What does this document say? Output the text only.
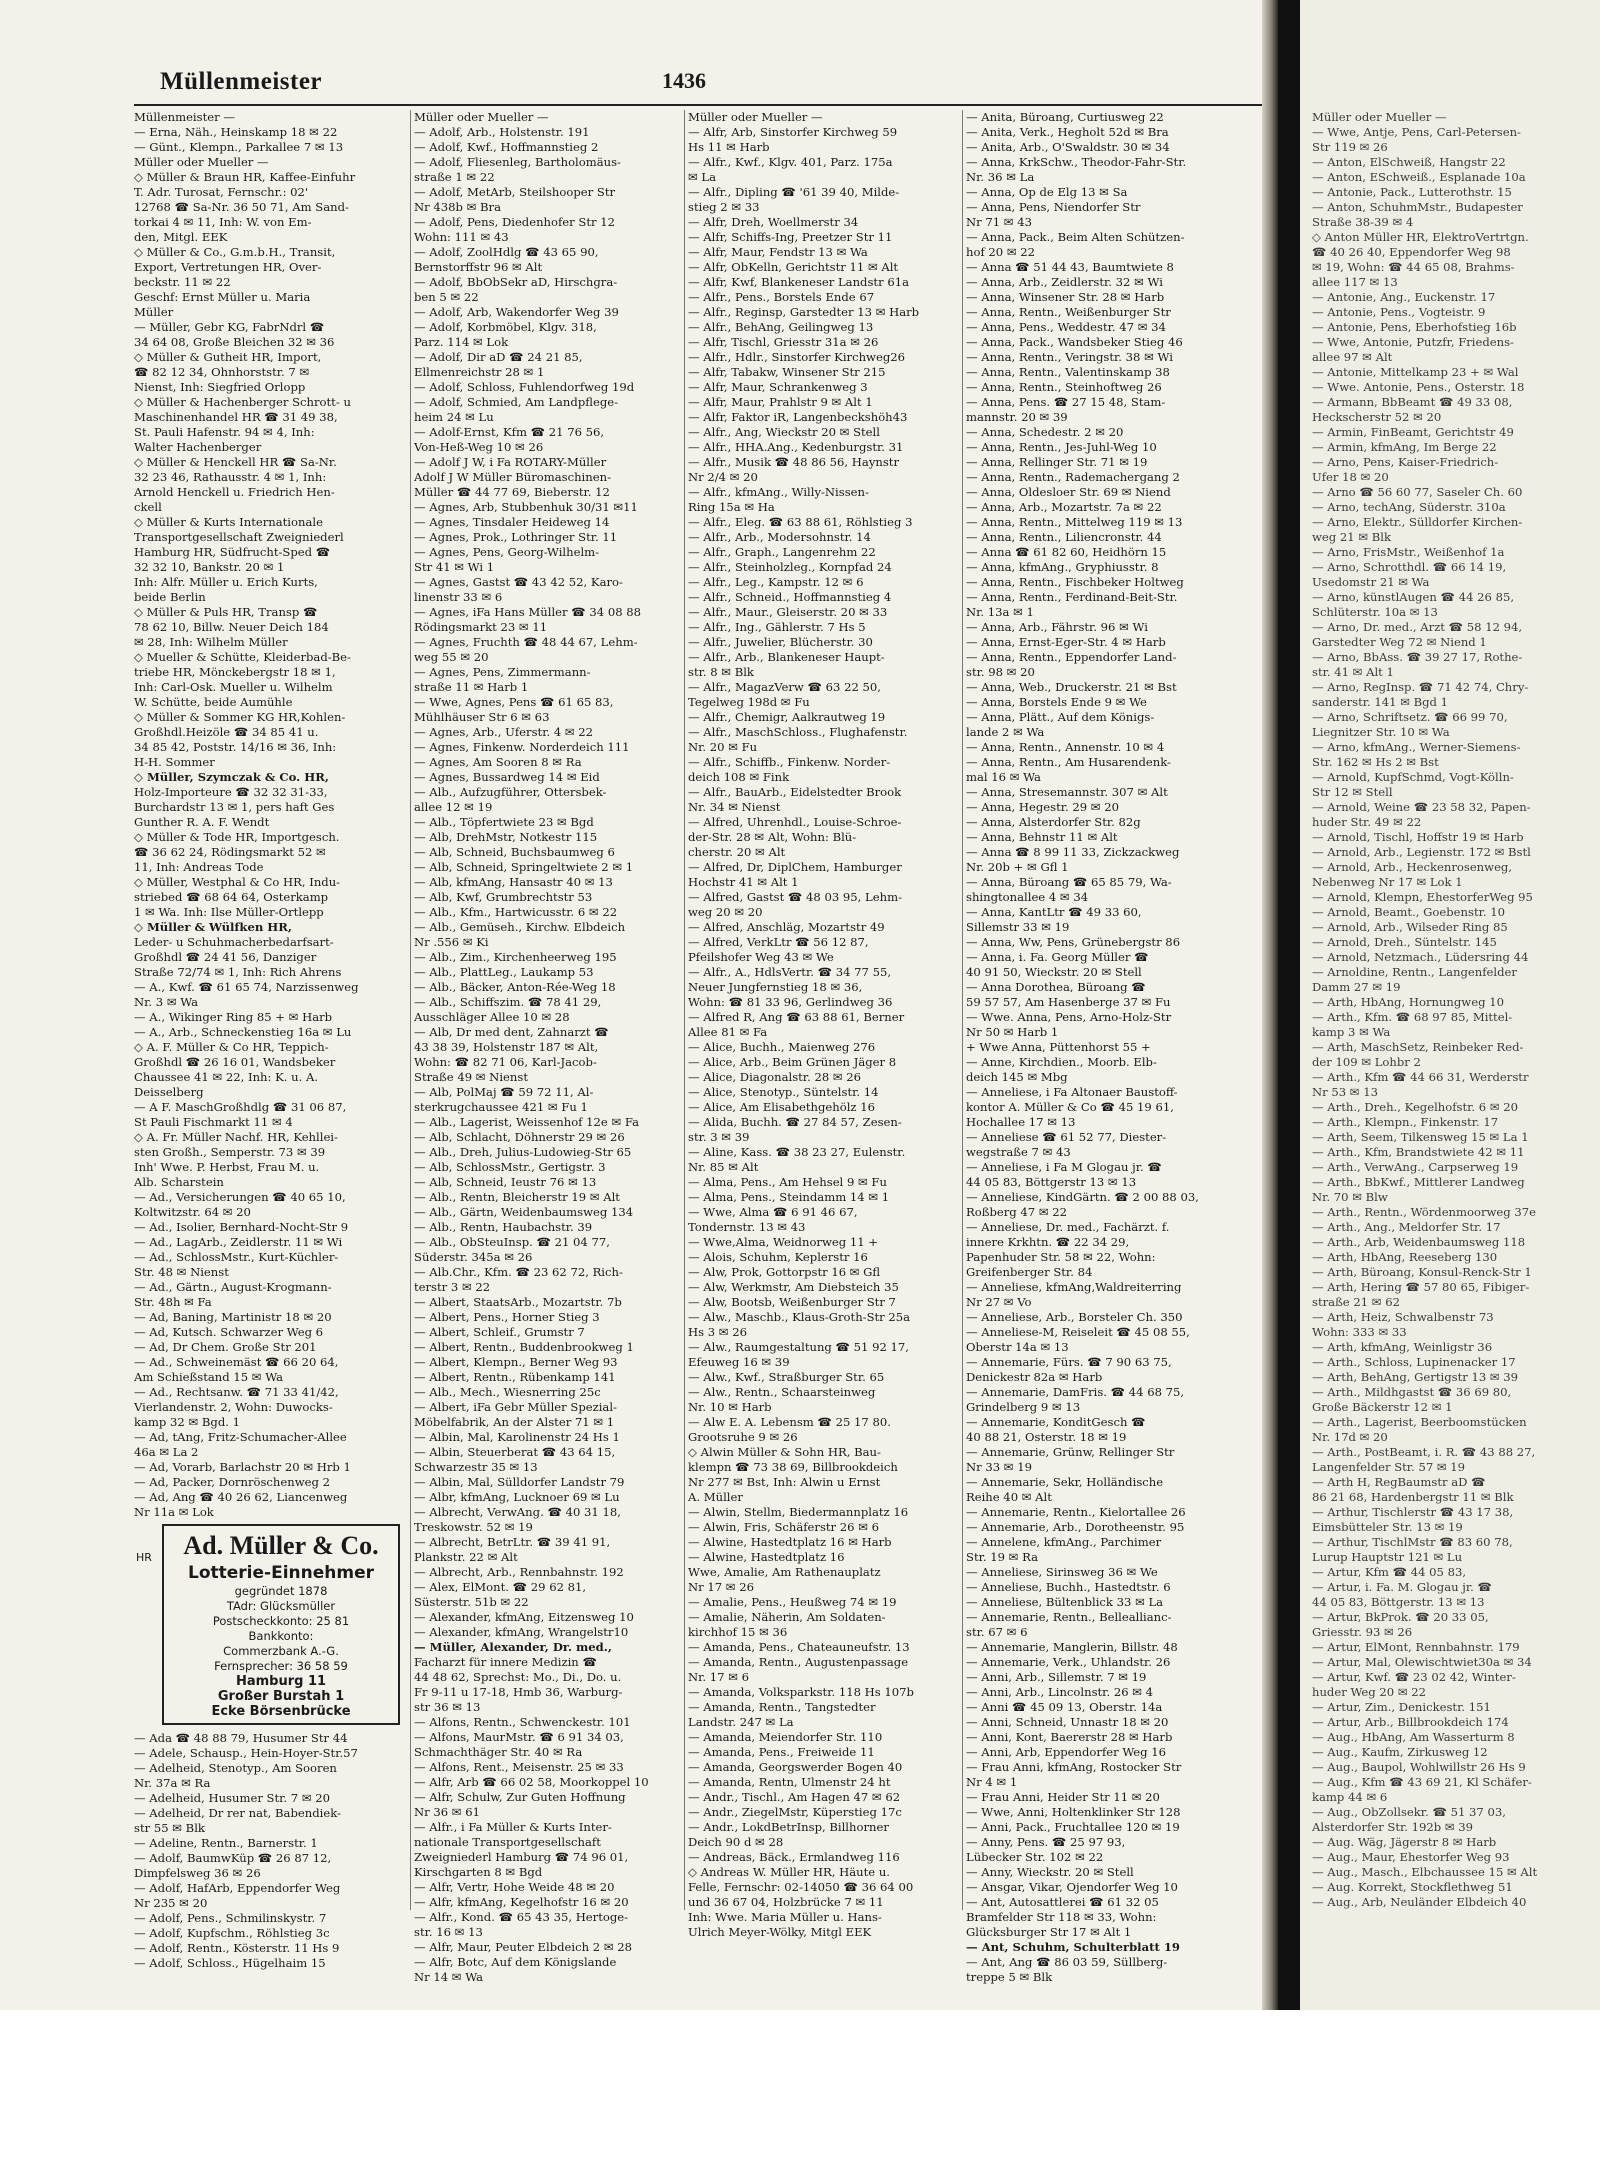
Müllenmeister	1436
Müllenmeister —
— Erna, Näh., Heinskamp 18 ✉ 22
— Günt., Klempn., Parkallee 7 ✉ 13
Müller oder Mueller —
◇ Müller & Braun HR, Kaffee-Einfuhr
T. Adr. Turosat, Fernschr.: 02'
12768 ☎ Sa-Nr. 36 50 71, Am Sand-
torkai 4 ✉ 11, Inh: W. von Em-
den, Mitgl. EEK
◇ Müller & Co., G.m.b.H., Transit,
Export, Vertretungen HR, Over-
beckstr. 11 ✉ 22
Geschf: Ernst Müller u. Maria
Müller
— Müller, Gebr KG, FabrNdrl ☎
34 64 08, Große Bleichen 32 ✉ 36
◇ Müller & Gutheit HR, Import,
☎ 82 12 34, Ohnhorststr. 7 ✉
Nienst, Inh: Siegfried Orlopp
◇ Müller & Hachenberger Schrott- u
Maschinenhandel HR ☎ 31 49 38,
St. Pauli Hafenstr. 94 ✉ 4, Inh:
Walter Hachenberger
◇ Müller & Henckell HR ☎ Sa-Nr.
32 23 46, Rathausstr. 4 ✉ 1, Inh:
Arnold Henckell u. Friedrich Hen-
ckell
◇ Müller & Kurts Internationale
Transportgesellschaft Zweigniederl
Hamburg HR, Südfrucht-Sped ☎
32 32 10, Bankstr. 20 ✉ 1
Inh: Alfr. Müller u. Erich Kurts,
beide Berlin
◇ Müller & Puls HR, Transp ☎
78 62 10, Billw. Neuer Deich 184
✉ 28, Inh: Wilhelm Müller
◇ Mueller & Schütte, Kleiderbad-Be-
triebe HR, Mönckebergstr 18 ✉ 1,
Inh: Carl-Osk. Mueller u. Wilhelm
W. Schütte, beide Aumühle
◇ Müller & Sommer KG HR,Kohlen-
Großhdl.Heizöle ☎ 34 85 41 u.
34 85 42, Poststr. 14/16 ✉ 36, Inh:
H-H. Sommer
◇ Müller, Szymczak & Co. HR,
Holz-Importeure ☎ 32 32 31-33,
Burchardstr 13 ✉ 1, pers haft Ges
Gunther R. A. F. Wendt
◇ Müller & Tode HR, Importgesch.
☎ 36 62 24, Rödingsmarkt 52 ✉
11, Inh: Andreas Tode
◇ Müller, Westphal & Co HR, Indu-
striebed ☎ 68 64 64, Osterkamp
1 ✉ Wa. Inh: Ilse Müller-Ortlepp
◇ Müller & Wülfken HR,
Leder- u Schuhmacherbedarfsart-
Großhdl ☎ 24 41 56, Danziger
Straße 72/74 ✉ 1, Inh: Rich Ahrens
— A., Kwf. ☎ 61 65 74, Narzissenweg
Nr. 3 ✉ Wa
— A., Wikinger Ring 85 + ✉ Harb
— A., Arb., Schneckenstieg 16a ✉ Lu
◇ A. F. Müller & Co HR, Teppich-
Großhdl ☎ 26 16 01, Wandsbeker
Chaussee 41 ✉ 22, Inh: K. u. A.
Deisselberg
— A F. MaschGroßhdlg ☎ 31 06 87,
St Pauli Fischmarkt 11 ✉ 4
◇ A. Fr. Müller Nachf. HR, Kehllei-
sten Großh., Semperstr. 73 ✉ 39
Inh' Wwe. P. Herbst, Frau M. u.
Alb. Scharstein
— Ad., Versicherungen ☎ 40 65 10,
Koltwitzstr. 64 ✉ 20
— Ad., Isolier, Bernhard-Nocht-Str 9
— Ad., LagArb., Zeidlerstr. 11 ✉ Wi
— Ad., SchlossMstr., Kurt-Küchler-
Str. 48 ✉ Nienst
— Ad., Gärtn., August-Krogmann-
Str. 48h ✉ Fa
— Ad, Baning, Martinistr 18 ✉ 20
— Ad, Kutsch. Schwarzer Weg 6
— Ad, Dr Chem. Große Str 201
— Ad., Schweinemäst ☎ 66 20 64,
Am Schießstand 15 ✉ Wa
— Ad., Rechtsanw. ☎ 71 33 41/42,
Vierlandenstr. 2, Wohn: Duwocks-
kamp 32 ✉ Bgd. 1
— Ad, tAng, Fritz-Schumacher-Allee
46a ✉ La 2
— Ad, Vorarb, Barlachstr 20 ✉ Hrb 1
— Ad, Packer, Dornröschenweg 2
— Ad, Ang ☎ 40 26 62, Liancenweg
Nr 11a ✉ Lok
HR	Ad. Müller & Co.
Lotterie-Einnehmer
gegründet 1878
TAdr: Glücksmüller
Postscheckkonto: 25 81
Bankkonto:
Commerzbank A.-G.
Fernsprecher: 36 58 59
Hamburg 11
Großer Burstah 1
Ecke Börsenbrücke
— Ada ☎ 48 88 79, Husumer Str 44
— Adele, Schausp., Hein-Hoyer-Str.57
— Adelheid, Stenotyp., Am Sooren
Nr. 37a ✉ Ra
— Adelheid, Husumer Str. 7 ✉ 20
— Adelheid, Dr rer nat, Babendiek-
str 55 ✉ Blk
— Adeline, Rentn., Barnerstr. 1
— Adolf, BaumwKüp ☎ 26 87 12,
Dimpfelsweg 36 ✉ 26
— Adolf, HafArb, Eppendorfer Weg
Nr 235 ✉ 20
— Adolf, Pens., Schmilinskystr. 7
— Adolf, Kupfschm., Röhlstieg 3c
— Adolf, Rentn., Kösterstr. 11 Hs 9
— Adolf, Schloss., Hügelhaim 15
Müller oder Mueller —
— Adolf, Arb., Holstenstr. 191
— Adolf, Kwf., Hoffmannstieg 2
— Adolf, Fliesenleg, Bartholomäus-
straße 1 ✉ 22
— Adolf, MetArb, Steilshooper Str
Nr 438b ✉ Bra
— Adolf, Pens, Diedenhofer Str 12
Wohn: 111 ✉ 43
— Adolf, ZoolHdlg ☎ 43 65 90,
Bernstorffstr 96 ✉ Alt
— Adolf, BbObSekr aD, Hirschgra-
ben 5 ✉ 22
— Adolf, Arb, Wakendorfer Weg 39
— Adolf, Korbmöbel, Klgv. 318,
Parz. 114 ✉ Lok
— Adolf, Dir aD ☎ 24 21 85,
Ellmenreichstr 28 ✉ 1
— Adolf, Schloss, Fuhlendorfweg 19d
— Adolf, Schmied, Am Landpflege-
heim 24 ✉ Lu
— Adolf-Ernst, Kfm ☎ 21 76 56,
Von-Heß-Weg 10 ✉ 26
— Adolf J W, i Fa ROTARY-Müller
Adolf J W Müller Büromaschinen-
Müller ☎ 44 77 69, Bieberstr. 12
— Agnes, Arb, Stubbenhuk 30/31 ✉11
— Agnes, Tinsdaler Heideweg 14
— Agnes, Prok., Lothringer Str. 11
— Agnes, Pens, Georg-Wilhelm-
Str 41 ✉ Wi 1
— Agnes, Gastst ☎ 43 42 52, Karo-
linenstr 33 ✉ 6
— Agnes, iFa Hans Müller ☎ 34 08 88
Rödingsmarkt 23 ✉ 11
— Agnes, Fruchth ☎ 48 44 67, Lehm-
weg 55 ✉ 20
— Agnes, Pens, Zimmermann-
straße 11 ✉ Harb 1
— Wwe, Agnes, Pens ☎ 61 65 83,
Mühlhäuser Str 6 ✉ 63
— Agnes, Arb., Uferstr. 4 ✉ 22
— Agnes, Finkenw. Norderdeich 111
— Agnes, Am Sooren 8 ✉ Ra
— Agnes, Bussardweg 14 ✉ Eid
— Alb., Aufzugführer, Ottersbek-
allee 12 ✉ 19
— Alb., Töpfertwiete 23 ✉ Bgd
— Alb, DrehMstr, Notkestr 115
— Alb, Schneid, Buchsbaumweg 6
— Alb, Schneid, Springeltwiete 2 ✉ 1
— Alb, kfmAng, Hansastr 40 ✉ 13
— Alb, Kwf, Grumbrechtstr 53
— Alb., Kfm., Hartwicusstr. 6 ✉ 22
— Alb., Gemüseh., Kirchw. Elbdeich
Nr .556 ✉ Ki
— Alb., Zim., Kirchenheerweg 195
— Alb., PlattLeg., Laukamp 53
— Alb., Bäcker, Anton-Rée-Weg 18
— Alb., Schiffszim. ☎ 78 41 29,
Ausschläger Allee 10 ✉ 28
— Alb, Dr med dent, Zahnarzt ☎
43 38 39, Holstenstr 187 ✉ Alt,
Wohn: ☎ 82 71 06, Karl-Jacob-
Straße 49 ✉ Nienst
— Alb, PolMaj ☎ 59 72 11, Al-
sterkrugchaussee 421 ✉ Fu 1
— Alb., Lagerist, Weissenhof 12e ✉ Fa
— Alb, Schlacht, Döhnerstr 29 ✉ 26
— Alb., Dreh, Julius-Ludowieg-Str 65
— Alb, SchlossMstr., Gertigstr. 3
— Alb, Schneid, Ieustr 76 ✉ 13
— Alb., Rentn, Bleicherstr 19 ✉ Alt
— Alb., Gärtn, Weidenbaumsweg 134
— Alb., Rentn, Haubachstr. 39
— Alb., ObSteuInsp. ☎ 21 04 77,
Süderstr. 345a ✉ 26
— Alb.Chr., Kfm. ☎ 23 62 72, Rich-
terstr 3 ✉ 22
— Albert, StaatsArb., Mozartstr. 7b
— Albert, Pens., Horner Stieg 3
— Albert, Schleif., Grumstr 7
— Albert, Rentn., Buddenbrookweg 1
— Albert, Klempn., Berner Weg 93
— Albert, Rentn., Rübenkamp 141
— Alb., Mech., Wiesnerring 25c
— Albert, iFa Gebr Müller Spezial-
Möbelfabrik, An der Alster 71 ✉ 1
— Albin, Mal, Karolinenstr 24 Hs 1
— Albin, Steuerberat ☎ 43 64 15,
Schwarzestr 35 ✉ 13
— Albin, Mal, Sülldorfer Landstr 79
— Albr, kfmAng, Lucknoer 69 ✉ Lu
— Albrecht, VerwAng. ☎ 40 31 18,
Treskowstr. 52 ✉ 19
— Albrecht, BetrLtr. ☎ 39 41 91,
Plankstr. 22 ✉ Alt
— Albrecht, Arb., Rennbahnstr. 192
— Alex, ElMont. ☎ 29 62 81,
Süsterstr. 51b ✉ 22
— Alexander, kfmAng, Eitzensweg 10
— Alexander, kfmAng, Wrangelstr10
— Müller, Alexander, Dr. med.,
Facharzt für innere Medizin ☎
44 48 62, Sprechst: Mo., Di., Do. u.
Fr 9-11 u 17-18, Hmb 36, Warburg-
str 36 ✉ 13
— Alfons, Rentn., Schwenckestr. 101
— Alfons, MaurMstr. ☎ 6 91 34 03,
Schmachthäger Str. 40 ✉ Ra
— Alfons, Rent., Meisenstr. 25 ✉ 33
— Alfr, Arb ☎ 66 02 58, Moorkoppel 10
— Alfr, Schulw, Zur Guten Hoffnung
Nr 36 ✉ 61
— Alfr., i Fa Müller & Kurts Inter-
nationale Transportgesellschaft
Zweigniederl Hamburg ☎ 74 96 01,
Kirschgarten 8 ✉ Bgd
— Alfr, Vertr, Hohe Weide 48 ✉ 20
— Alfr, kfmAng, Kegelhofstr 16 ✉ 20
— Alfr., Kond. ☎ 65 43 35, Hertoge-
str. 16 ✉ 13
— Alfr, Maur, Peuter Elbdeich 2 ✉ 28
— Alfr, Botc, Auf dem Königslande
Nr 14 ✉ Wa
Müller oder Mueller —
— Alfr, Arb, Sinstorfer Kirchweg 59
Hs 11 ✉ Harb
— Alfr., Kwf., Klgv. 401, Parz. 175a
✉ La
— Alfr., Dipling ☎ '61 39 40, Milde-
stieg 2 ✉ 33
— Alfr, Dreh, Woellmerstr 34
— Alfr, Schiffs-Ing, Preetzer Str 11
— Alfr, Maur, Fendstr 13 ✉ Wa
— Alfr, ObKelln, Gerichtstr 11 ✉ Alt
— Alfr, Kwf, Blankeneser Landstr 61a
— Alfr., Pens., Borstels Ende 67
— Alfr., Reginsp, Garstedter 13 ✉ Harb
— Alfr., BehAng, Geilingweg 13
— Alfr, Tischl, Griesstr 31a ✉ 26
— Alfr., Hdlr., Sinstorfer Kirchweg26
— Alfr, Tabakw, Winsener Str 215
— Alfr, Maur, Schrankenweg 3
— Alfr, Maur, Prahlstr 9 ✉ Alt 1
— Alfr, Faktor iR, Langenbeckshöh43
— Alfr., Ang, Wieckstr 20 ✉ Stell
— Alfr., HHA.Ang., Kedenburgstr. 31
— Alfr., Musik ☎ 48 86 56, Haynstr
Nr 2/4 ✉ 20
— Alfr., kfmAng., Willy-Nissen-
Ring 15a ✉ Ha
— Alfr., Eleg. ☎ 63 88 61, Röhlstieg 3
— Alfr., Arb., Modersohnstr. 14
— Alfr., Graph., Langenrehm 22
— Alfr., Steinholzleg., Kornpfad 24
— Alfr., Leg., Kampstr. 12 ✉ 6
— Alfr., Schneid., Hoffmannstieg 4
— Alfr., Maur., Gleiserstr. 20 ✉ 33
— Alfr., Ing., Gählerstr. 7 Hs 5
— Alfr., Juwelier, Blücherstr. 30
— Alfr., Arb., Blankeneser Haupt-
str. 8 ✉ Blk
— Alfr., MagazVerw ☎ 63 22 50,
Tegelweg 198d ✉ Fu
— Alfr., Chemigr, Aalkrautweg 19
— Alfr., MaschSchloss., Flughafenstr.
Nr. 20 ✉ Fu
— Alfr., Schiffb., Finkenw. Norder-
deich 108 ✉ Fink
— Alfr., BauArb., Eidelstedter Brook
Nr. 34 ✉ Nienst
— Alfred, Uhrenhdl., Louise-Schroe-
der-Str. 28 ✉ Alt, Wohn: Blü-
cherstr. 20 ✉ Alt
— Alfred, Dr, DiplChem, Hamburger
Hochstr 41 ✉ Alt 1
— Alfred, Gastst ☎ 48 03 95, Lehm-
weg 20 ✉ 20
— Alfred, Anschläg, Mozartstr 49
— Alfred, VerkLtr ☎ 56 12 87,
Pfeilshofer Weg 43 ✉ We
— Alfr., A., HdlsVertr. ☎ 34 77 55,
Neuer Jungfernstieg 18 ✉ 36,
Wohn: ☎ 81 33 96, Gerlindweg 36
— Alfred R, Ang ☎ 63 88 61, Berner
Allee 81 ✉ Fa
— Alice, Buchh., Maienweg 276
— Alice, Arb., Beim Grünen Jäger 8
— Alice, Diagonalstr. 28 ✉ 26
— Alice, Stenotyp., Süntelstr. 14
— Alice, Am Elisabethgehölz 16
— Alida, Buchh. ☎ 27 84 57, Zesen-
str. 3 ✉ 39
— Aline, Kass. ☎ 38 23 27, Eulenstr.
Nr. 85 ✉ Alt
— Alma, Pens., Am Hehsel 9 ✉ Fu
— Alma, Pens., Steindamm 14 ✉ 1
— Wwe, Alma ☎ 6 91 46 67,
Tondernstr. 13 ✉ 43
— Wwe,Alma, Weidnorweg 11 +
— Alois, Schuhm, Keplerstr 16
— Alw, Prok, Gottorpstr 16 ✉ Gfl
— Alw, Werkmstr, Am Diebsteich 35
— Alw, Bootsb, Weißenburger Str 7
— Alw., Maschb., Klaus-Groth-Str 25a
Hs 3 ✉ 26
— Alw., Raumgestaltung ☎ 51 92 17,
Efeuweg 16 ✉ 39
— Alw., Kwf., Straßburger Str. 65
— Alw., Rentn., Schaarsteinweg
Nr. 10 ✉ Harb
— Alw E. A. Lebensm ☎ 25 17 80.
Grootsruhe 9 ✉ 26
◇ Alwin Müller & Sohn HR, Bau-
klempn ☎ 73 38 69, Billbrookdeich
Nr 277 ✉ Bst, Inh: Alwin u Ernst
A. Müller
— Alwin, Stellm, Biedermannplatz 16
— Alwin, Fris, Schäferstr 26 ✉ 6
— Alwine, Hastedtplatz 16 ✉ Harb
— Alwine, Hastedtplatz 16
Wwe, Amalie, Am Rathenauplatz
Nr 17 ✉ 26
— Amalie, Pens., Heußweg 74 ✉ 19
— Amalie, Näherin, Am Soldaten-
kirchhof 15 ✉ 36
— Amanda, Pens., Chateauneufstr. 13
— Amanda, Rentn., Augustenpassage
Nr. 17 ✉ 6
— Amanda, Volksparkstr. 118 Hs 107b
— Amanda, Rentn., Tangstedter
Landstr. 247 ✉ La
— Amanda, Meiendorfer Str. 110
— Amanda, Pens., Freiweide 11
— Amanda, Georgswerder Bogen 40
— Amanda, Rentn, Ulmenstr 24 ht
— Andr., Tischl., Am Hagen 47 ✉ 62
— Andr., ZiegelMstr, Küperstieg 17c
— Andr., LokdBetrInsp, Billhorner
Deich 90 d ✉ 28
— Andreas, Bäck., Ermlandweg 116
◇ Andreas W. Müller HR, Häute u.
Felle, Fernschr: 02-14050 ☎ 36 64 00
und 36 67 04, Holzbrücke 7 ✉ 11
Inh: Wwe. Maria Müller u. Hans-
Ulrich Meyer-Wölky, Mitgl EEK
— Anita, Büroang, Curtiusweg 22
— Anita, Verk., Hegholt 52d ✉ Bra
— Anita, Arb., O'Swaldstr. 30 ✉ 34
— Anna, KrkSchw., Theodor-Fahr-Str.
Nr. 36 ✉ La
— Anna, Op de Elg 13 ✉ Sa
— Anna, Pens, Niendorfer Str
Nr 71 ✉ 43
— Anna, Pack., Beim Alten Schützen-
hof 20 ✉ 22
— Anna ☎ 51 44 43, Baumtwiete 8
— Anna, Arb., Zeidlerstr. 32 ✉ Wi
— Anna, Winsener Str. 28 ✉ Harb
— Anna, Rentn., Weißenburger Str
— Anna, Pens., Weddestr. 47 ✉ 34
— Anna, Pack., Wandsbeker Stieg 46
— Anna, Rentn., Veringstr. 38 ✉ Wi
— Anna, Rentn., Valentinskamp 38
— Anna, Rentn., Steinhoftweg 26
— Anna, Pens. ☎ 27 15 48, Stam-
mannstr. 20 ✉ 39
— Anna, Schedestr. 2 ✉ 20
— Anna, Rentn., Jes-Juhl-Weg 10
— Anna, Rellinger Str. 71 ✉ 19
— Anna, Rentn., Rademachergang 2
— Anna, Oldesloer Str. 69 ✉ Niend
— Anna, Arb., Mozartstr. 7a ✉ 22
— Anna, Rentn., Mittelweg 119 ✉ 13
— Anna, Rentn., Liliencronstr. 44
— Anna ☎ 61 82 60, Heidhörn 15
— Anna, kfmAng., Gryphiusstr. 8
— Anna, Rentn., Fischbeker Holtweg
— Anna, Rentn., Ferdinand-Beit-Str.
Nr. 13a ✉ 1
— Anna, Arb., Fährstr. 96 ✉ Wi
— Anna, Ernst-Eger-Str. 4 ✉ Harb
— Anna, Rentn., Eppendorfer Land-
str. 98 ✉ 20
— Anna, Web., Druckerstr. 21 ✉ Bst
— Anna, Borstels Ende 9 ✉ We
— Anna, Plätt., Auf dem Königs-
lande 2 ✉ Wa
— Anna, Rentn., Annenstr. 10 ✉ 4
— Anna, Rentn., Am Husarendenk-
mal 16 ✉ Wa
— Anna, Stresemannstr. 307 ✉ Alt
— Anna, Hegestr. 29 ✉ 20
— Anna, Alsterdorfer Str. 82g
— Anna, Behnstr 11 ✉ Alt
— Anna ☎ 8 99 11 33, Zickzackweg
Nr. 20b + ✉ Gfl 1
— Anna, Büroang ☎ 65 85 79, Wa-
shingtonallee 4 ✉ 34
— Anna, KantLtr ☎ 49 33 60,
Sillemstr 33 ✉ 19
— Anna, Ww, Pens, Grünebergstr 86
— Anna, i. Fa. Georg Müller ☎
40 91 50, Wieckstr. 20 ✉ Stell
— Anna Dorothea, Büroang ☎
59 57 57, Am Hasenberge 37 ✉ Fu
— Wwe. Anna, Pens, Arno-Holz-Str
Nr 50 ✉ Harb 1
+ Wwe Anna, Püttenhorst 55 +
— Anne, Kirchdien., Moorb. Elb-
deich 145 ✉ Mbg
— Anneliese, i Fa Altonaer Baustoff-
kontor A. Müller & Co ☎ 45 19 61,
Hochallee 17 ✉ 13
— Anneliese ☎ 61 52 77, Diester-
wegstraße 7 ✉ 43
— Anneliese, i Fa M Glogau jr. ☎
44 05 83, Böttgerstr 13 ✉ 13
— Anneliese, KindGärtn. ☎ 2 00 88 03,
Roßberg 47 ✉ 22
— Anneliese, Dr. med., Fachärzt. f.
innere Krkhtn. ☎ 22 34 29,
Papenhuder Str. 58 ✉ 22, Wohn:
Greifenberger Str. 84
— Anneliese, kfmAng,Waldreiterring
Nr 27 ✉ Vo
— Anneliese, Arb., Borsteler Ch. 350
— Anneliese-M, Reiseleit ☎ 45 08 55,
Oberstr 14a ✉ 13
— Annemarie, Fürs. ☎ 7 90 63 75,
Denickestr 82a ✉ Harb
— Annemarie, DamFris. ☎ 44 68 75,
Grindelberg 9 ✉ 13
— Annemarie, KonditGesch ☎
40 88 21, Osterstr. 18 ✉ 19
— Annemarie, Grünw, Rellinger Str
Nr 33 ✉ 19
— Annemarie, Sekr, Holländische
Reihe 40 ✉ Alt
— Annemarie, Rentn., Kielortallee 26
— Annemarie, Arb., Dorotheenstr. 95
— Annelene, kfmAng., Parchimer
Str. 19 ✉ Ra
— Anneliese, Sirinsweg 36 ✉ We
— Anneliese, Buchh., Hastedtstr. 6
— Anneliese, Bültenblick 33 ✉ La
— Annemarie, Rentn., Belleallianc-
str. 67 ✉ 6
— Annemarie, Manglerin, Billstr. 48
— Annemarie, Verk., Uhlandstr. 26
— Anni, Arb., Sillemstr. 7 ✉ 19
— Anni, Arb., Lincolnstr. 26 ✉ 4
— Anni ☎ 45 09 13, Oberstr. 14a
— Anni, Schneid, Unnastr 18 ✉ 20
— Anni, Kont, Baererstr 28 ✉ Harb
— Anni, Arb, Eppendorfer Weg 16
— Frau Anni, kfmAng, Rostocker Str
Nr 4 ✉ 1
— Frau Anni, Heider Str 11 ✉ 20
— Wwe, Anni, Holtenklinker Str 128
— Anni, Pack., Fruchtallee 120 ✉ 19
— Anny, Pens. ☎ 25 97 93,
Lübecker Str. 102 ✉ 22
— Anny, Wieckstr. 20 ✉ Stell
— Ansgar, Vikar, Ojendorfer Weg 10
— Ant, Autosattlerei ☎ 61 32 05
Bramfelder Str 118 ✉ 33, Wohn:
Glücksburger Str 17 ✉ Alt 1
— Ant, Schuhm, Schulterblatt 19
— Ant, Ang ☎ 86 03 59, Süllberg-
treppe 5 ✉ Blk
Müller oder Mueller —
— Wwe, Antje, Pens, Carl-Petersen-
Str 119 ✉ 26
— Anton, ElSchweiß, Hangstr 22
— Anton, ESchweiß., Esplanade 10a
— Antonie, Pack., Lutterothstr. 15
— Anton, SchuhmMstr., Budapester
Straße 38-39 ✉ 4
◇ Anton Müller HR, ElektroVertrtgn.
☎ 40 26 40, Eppendorfer Weg 98
✉ 19, Wohn: ☎ 44 65 08, Brahms-
allee 117 ✉ 13
— Antonie, Ang., Euckenstr. 17
— Antonie, Pens., Vogteistr. 9
— Antonie, Pens, Eberhofstieg 16b
— Wwe, Antonie, Putzfr, Friedens-
allee 97 ✉ Alt
— Antonie, Mittelkamp 23 + ✉ Wal
— Wwe. Antonie, Pens., Osterstr. 18
— Armann, BbBeamt ☎ 49 33 08,
Heckscherstr 52 ✉ 20
— Armin, FinBeamt, Gerichtstr 49
— Armin, kfmAng, Im Berge 22
— Arno, Pens, Kaiser-Friedrich-
Ufer 18 ✉ 20
— Arno ☎ 56 60 77, Saseler Ch. 60
— Arno, techAng, Süderstr. 310a
— Arno, Elektr., Sülldorfer Kirchen-
weg 21 ✉ Blk
— Arno, FrisMstr., Weißenhof 1a
— Arno, Schrotthdl. ☎ 66 14 19,
Usedomstr 21 ✉ Wa
— Arno, künstlAugen ☎ 44 26 85,
Schlüterstr. 10a ✉ 13
— Arno, Dr. med., Arzt ☎ 58 12 94,
Garstedter Weg 72 ✉ Niend 1
— Arno, BbAss. ☎ 39 27 17, Rothe-
str. 41 ✉ Alt 1
— Arno, RegInsp. ☎ 71 42 74, Chry-
sanderstr. 141 ✉ Bgd 1
— Arno, Schriftsetz. ☎ 66 99 70,
Liegnitzer Str. 10 ✉ Wa
— Arno, kfmAng., Werner-Siemens-
Str. 162 ✉ Hs 2 ✉ Bst
— Arnold, KupfSchmd, Vogt-Kölln-
Str 12 ✉ Stell
— Arnold, Weine ☎ 23 58 32, Papen-
huder Str. 49 ✉ 22
— Arnold, Tischl, Hoffstr 19 ✉ Harb
— Arnold, Arb., Legienstr. 172 ✉ Bstl
— Arnold, Arb., Heckenrosenweg,
Nebenweg Nr 17 ✉ Lok 1
— Arnold, Klempn, EhestorferWeg 95
— Arnold, Beamt., Goebenstr. 10
— Arnold, Arb., Wilseder Ring 85
— Arnold, Dreh., Süntelstr. 145
— Arnold, Netzmach., Lüdersring 44
— Arnoldine, Rentn., Langenfelder
Damm 27 ✉ 19
— Arth, HbAng, Hornungweg 10
— Arth., Kfm. ☎ 68 97 85, Mittel-
kamp 3 ✉ Wa
— Arth, MaschSetz, Reinbeker Red-
der 109 ✉ Lohbr 2
— Arth., Kfm ☎ 44 66 31, Werderstr
Nr 53 ✉ 13
— Arth., Dreh., Kegelhofstr. 6 ✉ 20
— Arth., Klempn., Finkenstr. 17
— Arth, Seem, Tilkensweg 15 ✉ La 1
— Arth., Kfm, Brandstwiete 42 ✉ 11
— Arth., VerwAng., Carpserweg 19
— Arth., BbKwf., Mittlerer Landweg
Nr. 70 ✉ Blw
— Arth., Rentn., Wördenmoorweg 37e
— Arth., Ang., Meldorfer Str. 17
— Arth., Arb, Weidenbaumsweg 118
— Arth, HbAng, Reeseberg 130
— Arth, Büroang, Konsul-Renck-Str 1
— Arth, Hering ☎ 57 80 65, Fibiger-
straße 21 ✉ 62
— Arth, Heiz, Schwalbenstr 73
Wohn: 333 ✉ 33
— Arth, kfmAng, Weinligstr 36
— Arth., Schloss, Lupinenacker 17
— Arth, BehAng, Gertigstr 13 ✉ 39
— Arth., Mildhgastst ☎ 36 69 80,
Große Bäckerstr 12 ✉ 1
— Arth., Lagerist, Beerboomstücken
Nr. 17d ✉ 20
— Arth., PostBeamt, i. R. ☎ 43 88 27,
Langenfelder Str. 57 ✉ 19
— Arth H, RegBaumstr aD ☎
86 21 68, Hardenbergstr 11 ✉ Blk
— Arthur, Tischlerstr ☎ 43 17 38,
Eimsbütteler Str. 13 ✉ 19
— Arthur, TischlMstr ☎ 83 60 78,
Lurup Hauptstr 121 ✉ Lu
— Artur, Kfm ☎ 44 05 83,
— Artur, i. Fa. M. Glogau jr. ☎
44 05 83, Böttgerstr. 13 ✉ 13
— Artur, BkProk. ☎ 20 33 05,
Griesstr. 93 ✉ 26
— Artur, ElMont, Rennbahnstr. 179
— Artur, Mal, Olewischtwiet30a ✉ 34
— Artur, Kwf. ☎ 23 02 42, Winter-
huder Weg 20 ✉ 22
— Artur, Zim., Denickestr. 151
— Artur, Arb., Billbrookdeich 174
— Aug., HbAng, Am Wasserturm 8
— Aug., Kaufm, Zirkusweg 12
— Aug., Baupol, Wohlwillstr 26 Hs 9
— Aug., Kfm ☎ 43 69 21, Kl Schäfer-
kamp 44 ✉ 6
— Aug., ObZollsekr. ☎ 51 37 03,
Alsterdorfer Str. 192b ✉ 39
— Aug. Wäg, Jägerstr 8 ✉ Harb
— Aug., Maur, Ehestorfer Weg 93
— Aug., Masch., Elbchaussee 15 ✉ Alt
— Aug. Korrekt, Stockflethweg 51
— Aug., Arb, Neuländer Elbdeich 40
